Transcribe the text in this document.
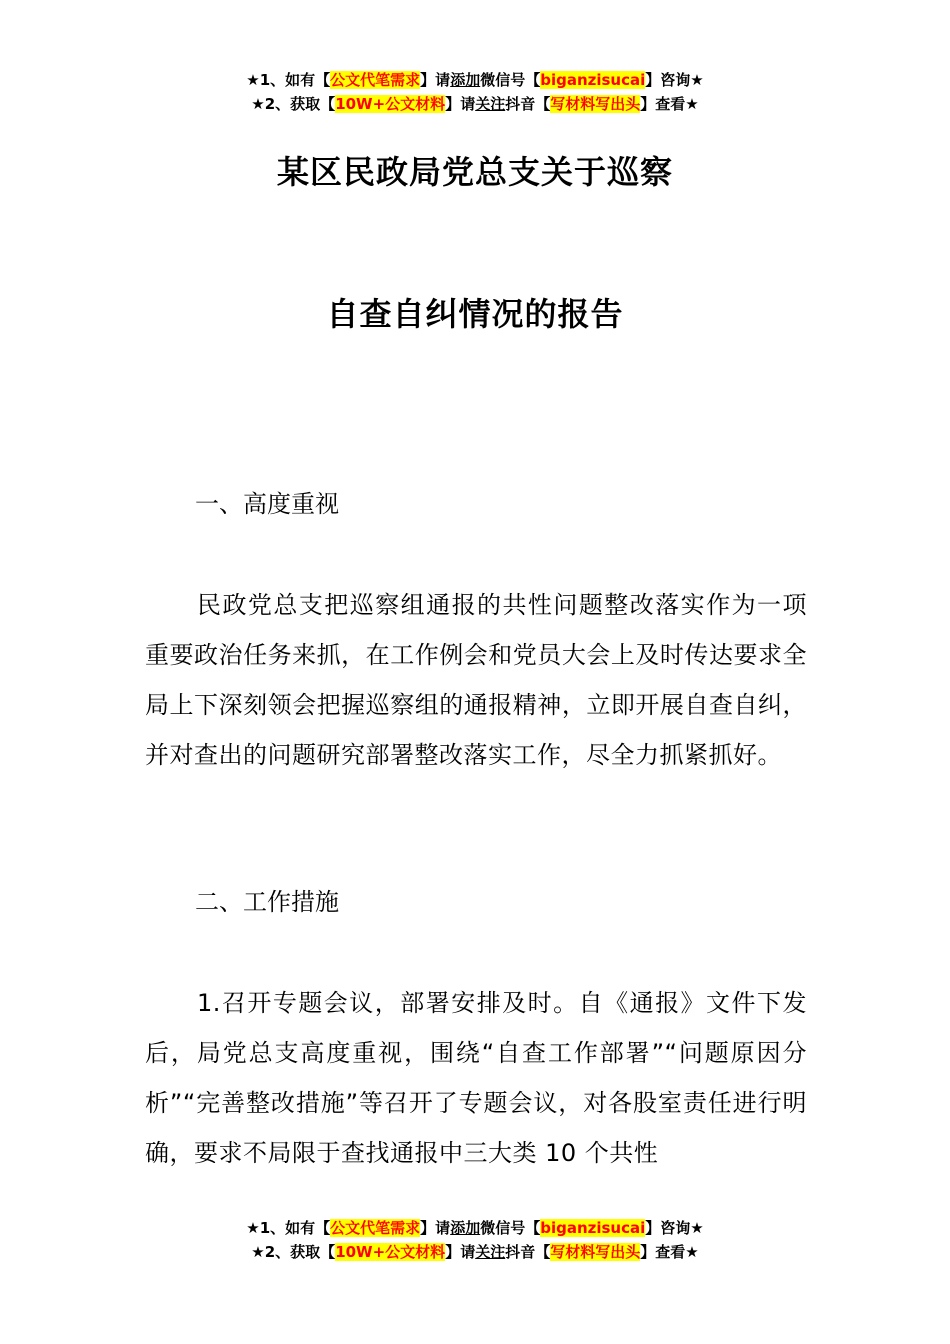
★1、如有【公文代笔需求】请添加微信号【biganzisucai】咨询★
★2、获取【10W+公文材料】请关注抖音【写材料写出头】查看★
某区民政局党总支关于巡察
自查自纠情况的报告
一、高度重视
民政党总支把巡察组通报的共性问题整改落实作为一项重要政治任务来抓，在工作例会和党员大会上及时传达要求全局上下深刻领会把握巡察组的通报精神，立即开展自查自纠，并对查出的问题研究部署整改落实工作，尽全力抓紧抓好。
二、工作措施
1.召开专题会议，部署安排及时。自《通报》文件下发后，局党总支高度重视，围绕“自查工作部署”“问题原因分析”“完善整改措施”等召开了专题会议，对各股室责任进行明确，要求不局限于查找通报中三大类 10 个共性
★1、如有【公文代笔需求】请添加微信号【biganzisucai】咨询★
★2、获取【10W+公文材料】请关注抖音【写材料写出头】查看★
